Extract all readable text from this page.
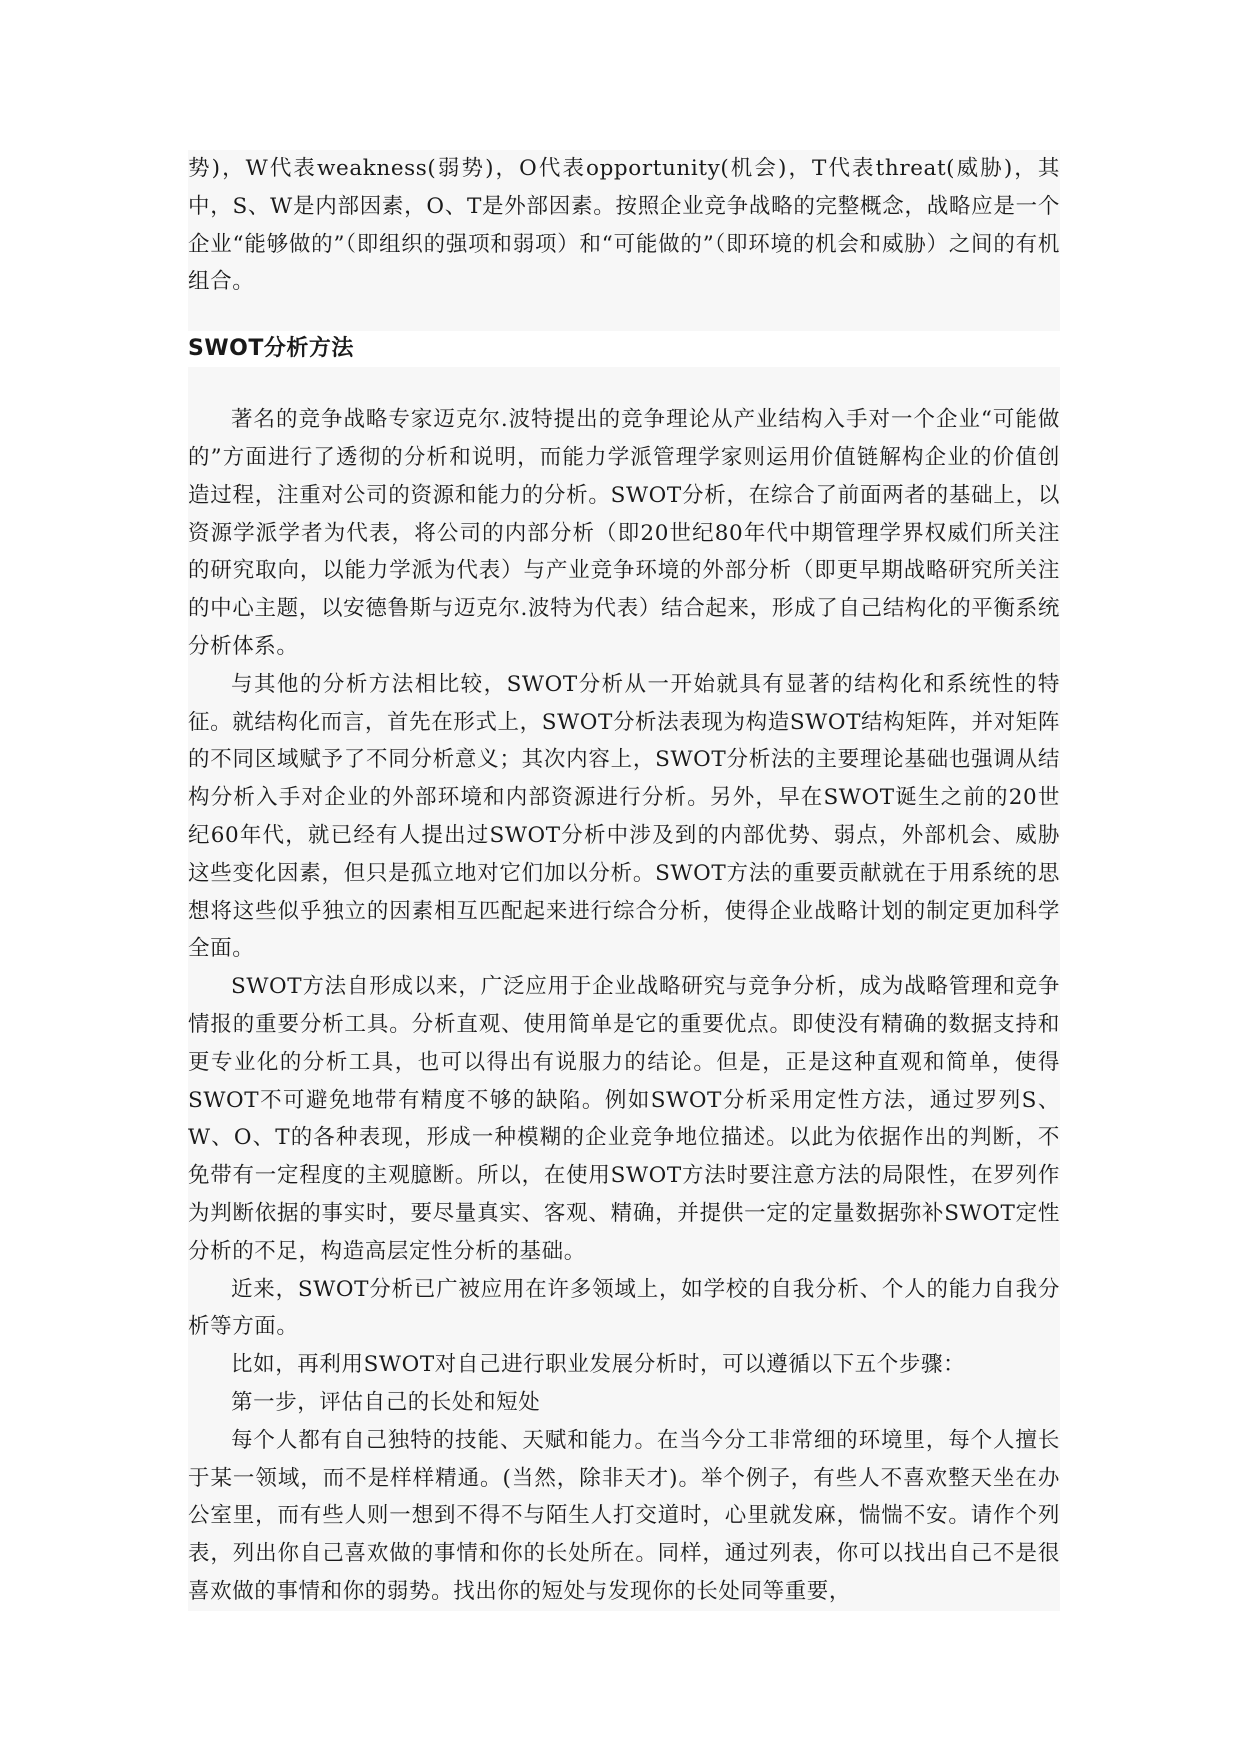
势)，W代表weakness(弱势)，O代表opportunity(机会)，T代表threat(威胁)，其中，S、W是内部因素，O、T是外部因素。按照企业竞争战略的完整概念，战略应是一个企业“能够做的”（即组织的强项和弱项）和“可能做的”（即环境的机会和威胁）之间的有机组合。

SWOT分析方法

著名的竞争战略专家迈克尔.波特提出的竞争理论从产业结构入手对一个企业“可能做的”方面进行了透彻的分析和说明，而能力学派管理学家则运用价值链解构企业的价值创造过程，注重对公司的资源和能力的分析。SWOT分析，在综合了前面两者的基础上，以资源学派学者为代表，将公司的内部分析（即20世纪80年代中期管理学界权威们所关注的研究取向，以能力学派为代表）与产业竞争环境的外部分析（即更早期战略研究所关注的中心主题，以安德鲁斯与迈克尔.波特为代表）结合起来，形成了自己结构化的平衡系统分析体系。

与其他的分析方法相比较，SWOT分析从一开始就具有显著的结构化和系统性的特征。就结构化而言，首先在形式上，SWOT分析法表现为构造SWOT结构矩阵，并对矩阵的不同区域赋予了不同分析意义；其次内容上，SWOT分析法的主要理论基础也强调从结构分析入手对企业的外部环境和内部资源进行分析。另外，早在SWOT诞生之前的20世纪60年代，就已经有人提出过SWOT分析中涉及到的内部优势、弱点，外部机会、威胁这些变化因素，但只是孤立地对它们加以分析。SWOT方法的重要贡献就在于用系统的思想将这些似乎独立的因素相互匹配起来进行综合分析，使得企业战略计划的制定更加科学全面。

SWOT方法自形成以来，广泛应用于企业战略研究与竞争分析，成为战略管理和竞争情报的重要分析工具。分析直观、使用简单是它的重要优点。即使没有精确的数据支持和更专业化的分析工具，也可以得出有说服力的结论。但是，正是这种直观和简单，使得SWOT不可避免地带有精度不够的缺陷。例如SWOT分析采用定性方法，通过罗列S、W、O、T的各种表现，形成一种模糊的企业竞争地位描述。以此为依据作出的判断，不免带有一定程度的主观臆断。所以，在使用SWOT方法时要注意方法的局限性，在罗列作为判断依据的事实时，要尽量真实、客观、精确，并提供一定的定量数据弥补SWOT定性分析的不足，构造高层定性分析的基础。

近来，SWOT分析已广被应用在许多领域上，如学校的自我分析、个人的能力自我分析等方面。

比如，再利用SWOT对自己进行职业发展分析时，可以遵循以下五个步骤：

第一步，评估自己的长处和短处

每个人都有自己独特的技能、天赋和能力。在当今分工非常细的环境里，每个人擅长于某一领域，而不是样样精通。(当然，除非天才)。举个例子，有些人不喜欢整天坐在办公室里，而有些人则一想到不得不与陌生人打交道时，心里就发麻，惴惴不安。请作个列表，列出你自己喜欢做的事情和你的长处所在。同样，通过列表，你可以找出自己不是很喜欢做的事情和你的弱势。找出你的短处与发现你的长处同等重要，
